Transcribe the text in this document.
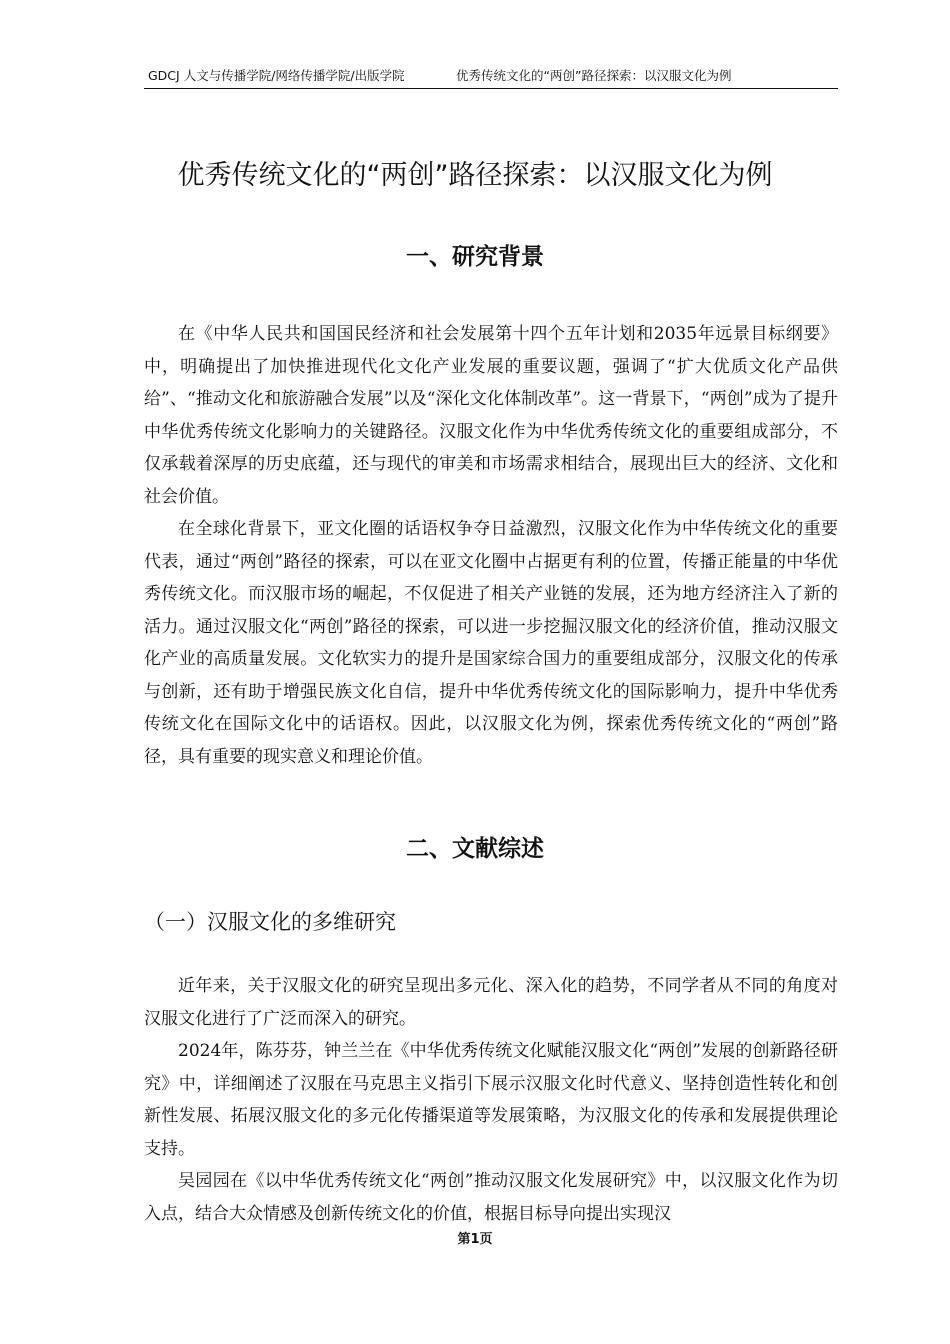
GDCJ 人文与传播学院/网络传播学院/出版学院	优秀传统文化的“两创”路径探索：以汉服文化为例
优秀传统文化的“两创”路径探索：以汉服文化为例
一、研究背景

在《中华人民共和国国民经济和社会发展第十四个五年计划和2035年远景目标纲要》中，明确提出了加快推进现代化文化产业发展的重要议题，强调了“扩大优质文化产品供给”、“推动文化和旅游融合发展”以及“深化文化体制改革”。这一背景下，“两创”成为了提升中华优秀传统文化影响力的关键路径。汉服文化作为中华优秀传统文化的重要组成部分，不仅承载着深厚的历史底蕴，还与现代的审美和市场需求相结合，展现出巨大的经济、文化和社会价值。

在全球化背景下，亚文化圈的话语权争夺日益激烈，汉服文化作为中华传统文化的重要代表，通过“两创”路径的探索，可以在亚文化圈中占据更有利的位置，传播正能量的中华优秀传统文化。而汉服市场的崛起，不仅促进了相关产业链的发展，还为地方经济注入了新的活力。通过汉服文化“两创”路径的探索，可以进一步挖掘汉服文化的经济价值，推动汉服文化产业的高质量发展。文化软实力的提升是国家综合国力的重要组成部分，汉服文化的传承与创新，还有助于增强民族文化自信，提升中华优秀传统文化的国际影响力，提升中华优秀传统文化在国际文化中的话语权。因此，以汉服文化为例，探索优秀传统文化的“两创”路径，具有重要的现实意义和理论价值。

二、文献综述
（一）汉服文化的多维研究

近年来，关于汉服文化的研究呈现出多元化、深入化的趋势，不同学者从不同的角度对汉服文化进行了广泛而深入的研究。

2024年，陈芬芬，钟兰兰在《中华优秀传统文化赋能汉服文化“两创”发展的创新路径研究》中，详细阐述了汉服在马克思主义指引下展示汉服文化时代意义、坚持创造性转化和创新性发展、拓展汉服文化的多元化传播渠道等发展策略，为汉服文化的传承和发展提供理论支持。

吴园园在《以中华优秀传统文化“两创”推动汉服文化发展研究》中，以汉服文化作为切入点，结合大众情感及创新传统文化的价值，根据目标导向提出实现汉

第1页
